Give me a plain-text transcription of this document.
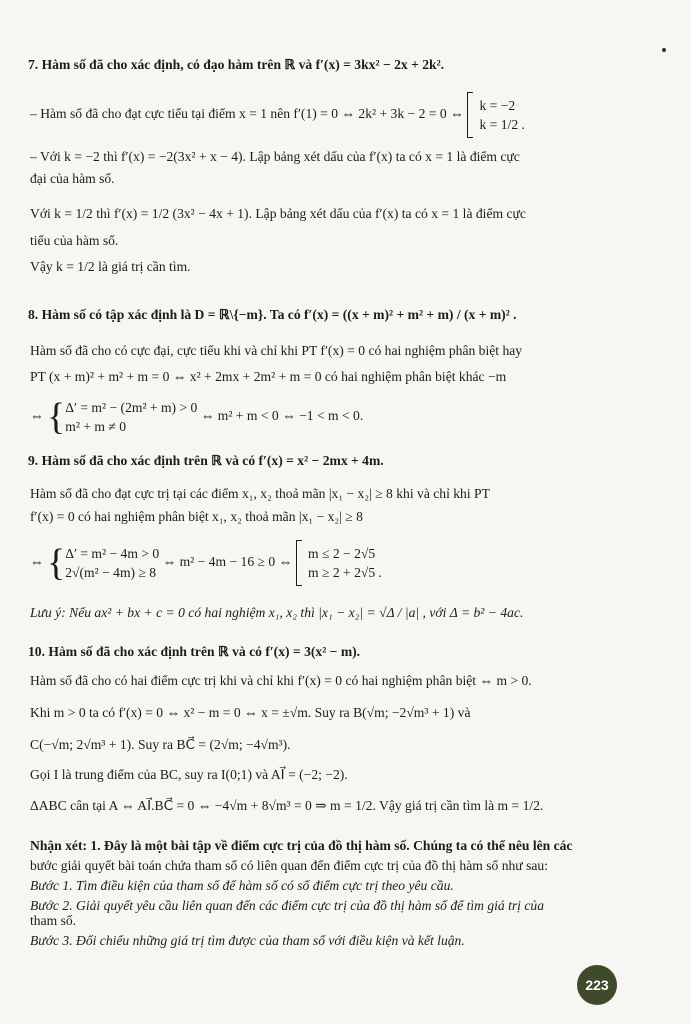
7. Hàm số đã cho xác định, có đạo hàm trên ℝ và f′(x) = 3kx² − 2x + 2k².
– Hàm số đã cho đạt cực tiểu tại điểm x = 1 nên f′(1) = 0 ⇔ 2k² + 3k − 2 = 0 ⇔  k = −2
k = 1/2 .
– Với k = −2 thì f′(x) = −2(3x² + x − 4). Lập bảng xét dấu của f′(x) ta có x = 1 là điểm cực
đại của hàm số.
Với k = 1/2 thì f′(x) = 1/2 (3x² − 4x + 1). Lập bảng xét dấu của f′(x) ta có x = 1 là điểm cực
tiểu của hàm số.
Vậy k = 1/2 là giá trị cần tìm.
8. Hàm số có tập xác định là D = ℝ\{−m}. Ta có f′(x) = ((x + m)² + m² + m) / (x + m)² .
Hàm số đã cho có cực đại, cực tiểu khi và chỉ khi PT f′(x) = 0 có hai nghiệm phân biệt hay
PT (x + m)² + m² + m = 0 ⇔ x² + 2mx + 2m² + m = 0 có hai nghiệm phân biệt khác −m
⇔ {Δ′ = m² − (2m² + m) > 0
m² + m ≠ 0 ⇔ m² + m < 0 ⇔ −1 < m < 0.
9. Hàm số đã cho xác định trên ℝ và có f′(x) = x² − 2mx + 4m.
Hàm số đã cho đạt cực trị tại các điểm x₁, x₂ thoả mãn |x₁ − x₂| ≥ 8 khi và chỉ khi PT
f′(x) = 0 có hai nghiệm phân biệt x₁, x₂ thoả mãn |x₁ − x₂| ≥ 8
⇔ {Δ′ = m² − 4m > 0
2√(m² − 4m) ≥ 8 ⇔ m² − 4m − 16 ≥ 0 ⇔  m ≤ 2 − 2√5
m ≥ 2 + 2√5 .
Lưu ý: Nếu ax² + bx + c = 0 có hai nghiệm x₁, x₂ thì |x₁ − x₂| = √Δ / |a| , với Δ = b² − 4ac.
10. Hàm số đã cho xác định trên ℝ và có f′(x) = 3(x² − m).
Hàm số đã cho có hai điểm cực trị khi và chỉ khi f′(x) = 0 có hai nghiệm phân biệt ⇔ m > 0.
Khi m > 0 ta có f′(x) = 0 ⇔ x² − m = 0 ⇔ x = ±√m. Suy ra B(√m; −2√m³ + 1) và
C(−√m; 2√m³ + 1). Suy ra BC⃗ = (2√m; −4√m³).
Gọi I là trung điểm của BC, suy ra I(0;1) và AI⃗ = (−2; −2).
ΔABC cân tại A ⇔ AI⃗.BC⃗ = 0 ⇔ −4√m + 8√m³ = 0 ⇒ m = 1/2. Vậy giá trị cần tìm là m = 1/2.
Nhận xét: 1. Đây là một bài tập về điểm cực trị của đồ thị hàm số. Chúng ta có thể nêu lên các
bước giải quyết bài toán chứa tham số có liên quan đến điểm cực trị của đồ thị hàm số như sau:
Bước 1. Tìm điều kiện của tham số để hàm số có số điểm cực trị theo yêu cầu.
Bước 2. Giải quyết yêu cầu liên quan đến các điểm cực trị của đồ thị hàm số để tìm giá trị của
tham số.
Bước 3. Đối chiếu những giá trị tìm được của tham số với điều kiện và kết luận.
223
